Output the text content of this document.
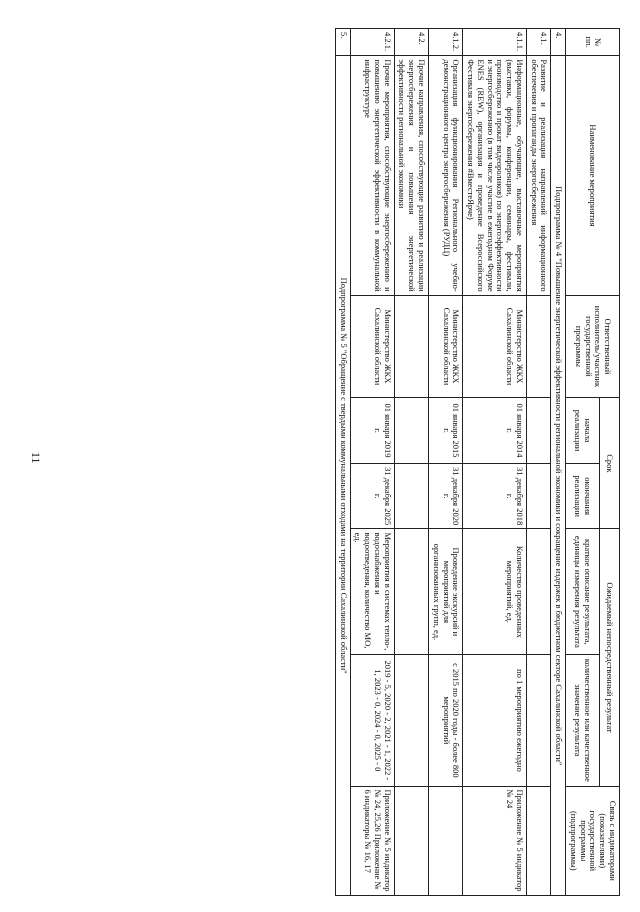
11
№ пп.	Наименование мероприятия	Ответственный исполнитель/участник государственной программы	Срок		Ожидаемый непосредственный результат		Связь с индикаторами (показателями) государственной программы (подпрограммы)
			начала реализации	окончания реализации	краткое описание результата, единицы измерения результата	количественное или качественное значение результата	
4.	Подпрограмма № 4 "Повышение энергетической эффективности региональной экономики и сокращение издержек в бюджетном секторе Сахалинской области"						
4.1.	Развитие и реализация направлений информационного обеспечения и пропаганды энергосбережения						
4.1.1.	Информационные, обучающие, выставочные мероприятия (выставки, форумы, конференции, семинары, фестивали, производство и прокат видеороликов) по энергоэффективности и энергосбережению (в том числе участие в ежегодном Форуме ENES (REW), организация и проведение Всероссийского Фестиваля энергосбережения #ВместеЯрче)	Министерство ЖКХ Сахалинской области	01 января 2014 г.	31 декабря 2018 г.	Количество проведенных мероприятий, ед.	по 1 мероприятию ежегодно	Приложение № 5 индикатор № 24
4.1.2.	Организация функционирования Регионального учебно-демонстрационного центра энергосбережения (РУДЦ)	Министерство ЖКХ Сахалинской области	01 января 2015 г.	31 декабря 2020 г.	Проведение экскурсий и мероприятий для организованных групп, ед.	с 2015 по 2020 годы - более 800 мероприятий	
4.2.	Прочие направления, способствующие развитию и реализации энергосбережения и повышения энергетической эффективности региональной экономики						
4.2.1.	Прочие мероприятия, способствующие энергосбережению и повышению энергетической эффективности в коммунальной инфраструктуре	Министерство ЖКХ Сахалинской области	01 января 2019 г.	31 декабря 2025 г.	Мероприятия в системах тепло-, водоснабжения и водоотведения, количество МО, ед.	2019 - 5, 2020 - 2, 2021 - 1, 2022 - 1, 2023 - 0, 2024 - 0, 2025 - 0	Приложение № 5 индикатор № 24, 25,26 Приложение № 6 индикаторы № 16, 17
5.	Подпрограмма № 5 "Обращение с твердыми коммунальными отходами на территории Сахалинской области"						
